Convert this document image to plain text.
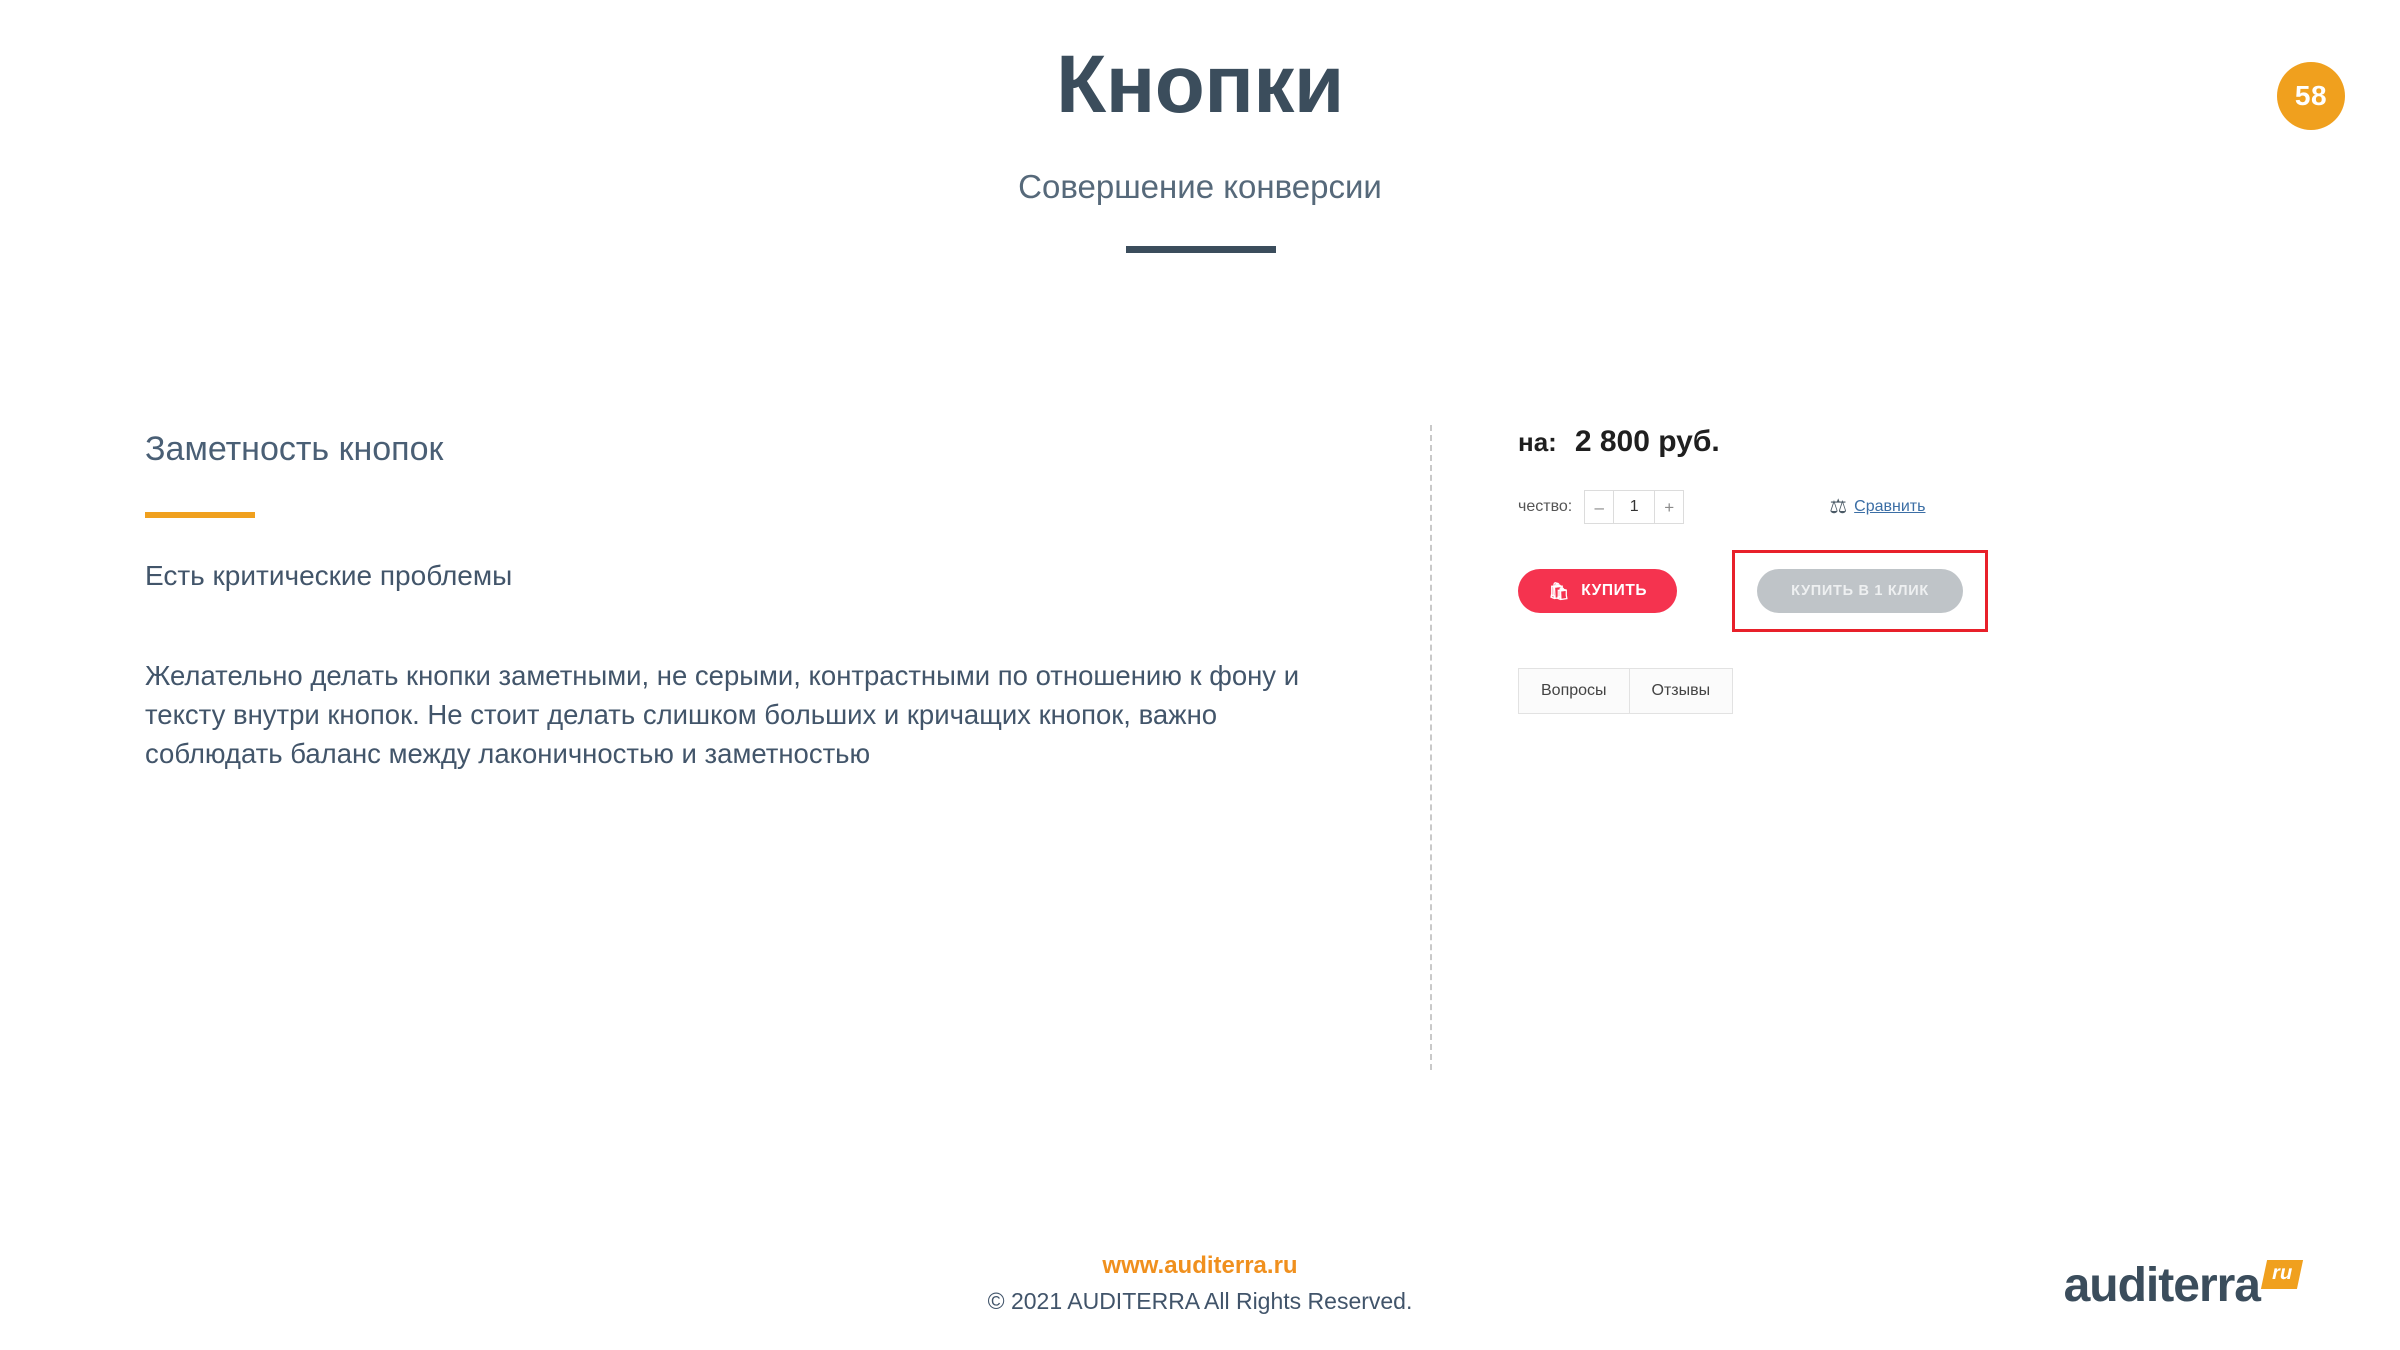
58
Кнопки
Совершение конверсии
Заметность кнопок
Есть критические проблемы
Желательно делать кнопки заметными, не серыми, контрастными по отношению к фону и тексту внутри кнопок. Не стоит делать слишком больших и кричащих кнопок, важно соблюдать баланс между лаконичностью и заметностью
на: 2 800 руб.
чество:	–	1	+	⚖ Сравнить
🛍 КУПИТЬ	КУПИТЬ В 1 КЛИК
Вопросы	Отзывы
www.auditerra.ru
© 2021 AUDITERRA All Rights Reserved.	auditerra ru
